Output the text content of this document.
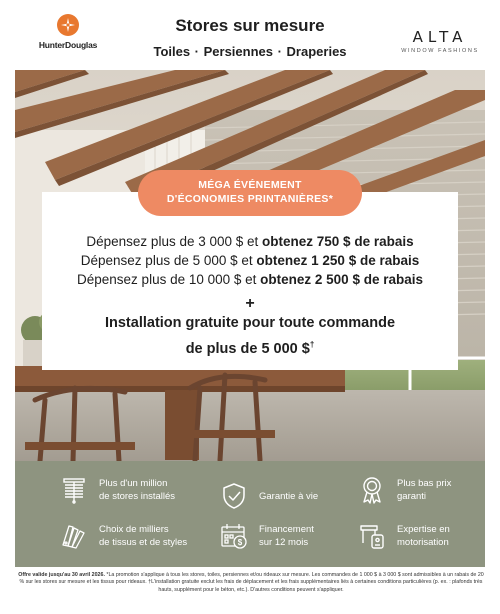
HunterDouglas
Stores sur mesure
Toiles · Persiennes · Draperies
ALTA
WINDOW FASHIONS
MÉGA ÉVÉNEMENT
D'ÉCONOMIES PRINTANIÈRES*
Dépensez plus de 3 000 $ et obtenez 750 $ de rabais
Dépensez plus de 5 000 $ et obtenez 1 250 $ de rabais
Dépensez plus de 10 000 $ et obtenez 2 500 $ de rabais
+
Installation gratuite pour toute commande
de plus de 5 000 $†
Plus d'un million
de stores installés	Garantie à vie
Plus bas prix
garanti
Choix de milliers
de tissus et de styles	$
Financement
sur 12 mois
Expertise en
motorisation
Offre valide jusqu'au 30 avril 2026. *La promotion s'applique à tous les stores, toiles, persiennes et/ou rideaux sur mesure. Les commandes de 1 000 $ à 3 000 $ sont admissibles à un rabais de 20 % sur les stores sur mesure et les tissus pour rideaux. †L'installation gratuite exclut les frais de déplacement et les frais supplémentaires liés à certaines conditions particulières (p. ex. : plafonds très hauts, supplément pour le béton, etc.). D'autres conditions peuvent s'appliquer.
